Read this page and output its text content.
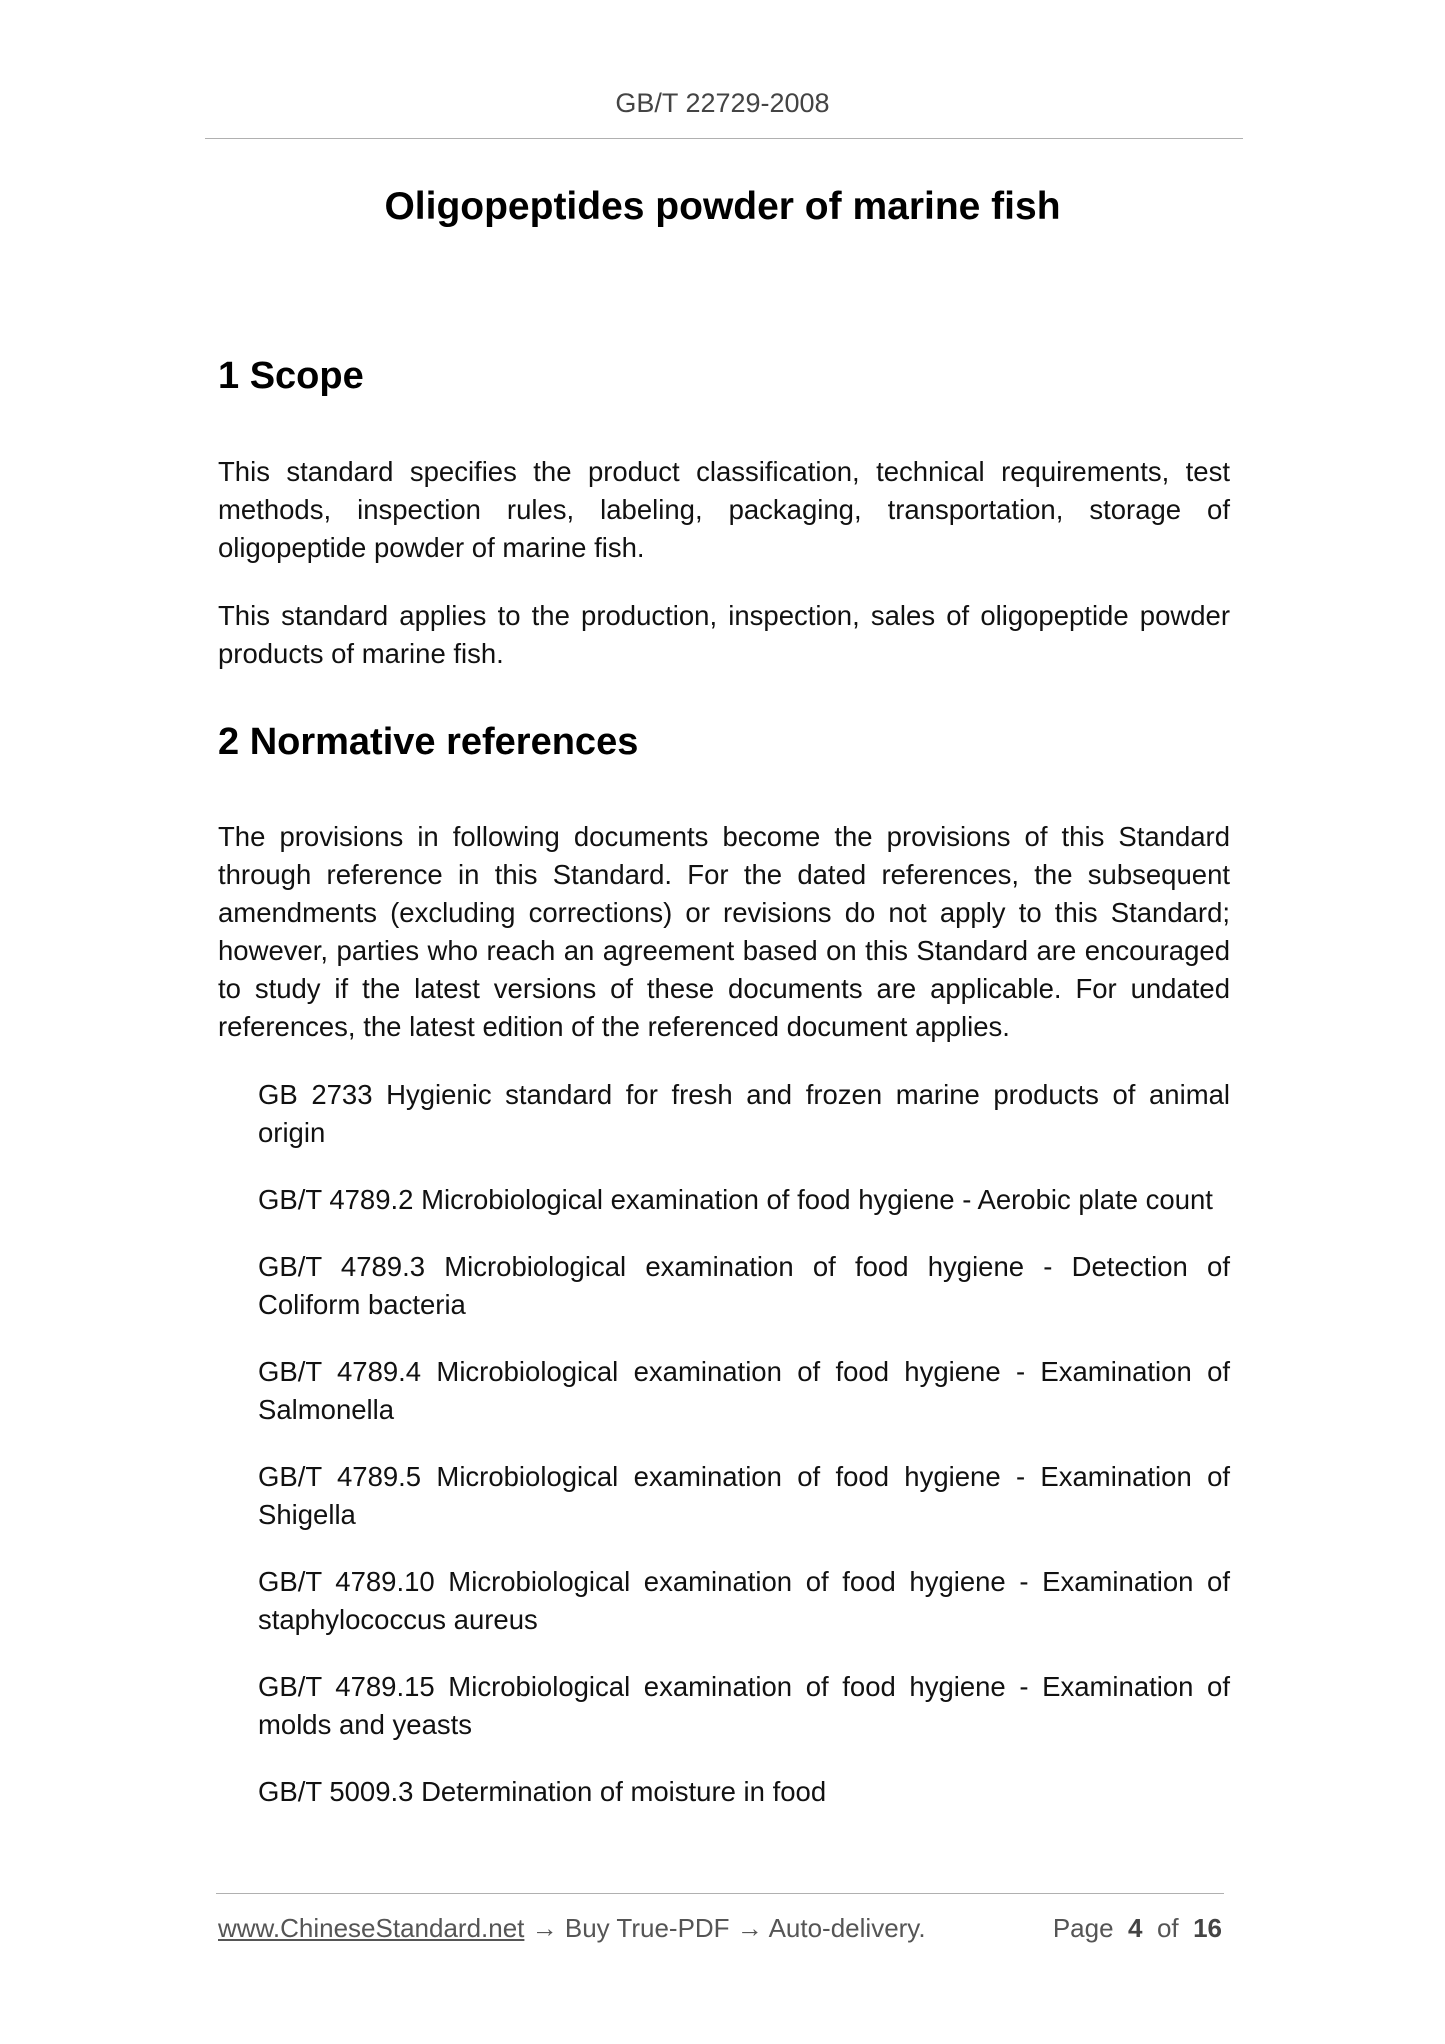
GB/T 22729-2008
Oligopeptides powder of marine fish
1 Scope

This standard specifies the product classification, technical requirements, test methods, inspection rules, labeling, packaging, transportation, storage of oligopeptide powder of marine fish.

This standard applies to the production, inspection, sales of oligopeptide powder products of marine fish.

2 Normative references

The provisions in following documents become the provisions of this Standard through reference in this Standard. For the dated references, the subsequent amendments (excluding corrections) or revisions do not apply to this Standard; however, parties who reach an agreement based on this Standard are encouraged to study if the latest versions of these documents are applicable. For undated references, the latest edition of the referenced document applies.

GB 2733 Hygienic standard for fresh and frozen marine products of animal origin

GB/T 4789.2 Microbiological examination of food hygiene - Aerobic plate count

GB/T 4789.3 Microbiological examination of food hygiene - Detection of Coliform bacteria

GB/T 4789.4 Microbiological examination of food hygiene - Examination of Salmonella

GB/T 4789.5 Microbiological examination of food hygiene - Examination of Shigella

GB/T 4789.10 Microbiological examination of food hygiene - Examination of staphylococcus aureus

GB/T 4789.15 Microbiological examination of food hygiene - Examination of molds and yeasts

GB/T 5009.3 Determination of moisture in food

www.ChineseStandard.net → Buy True-PDF → Auto-delivery.	Page 4 of 16
